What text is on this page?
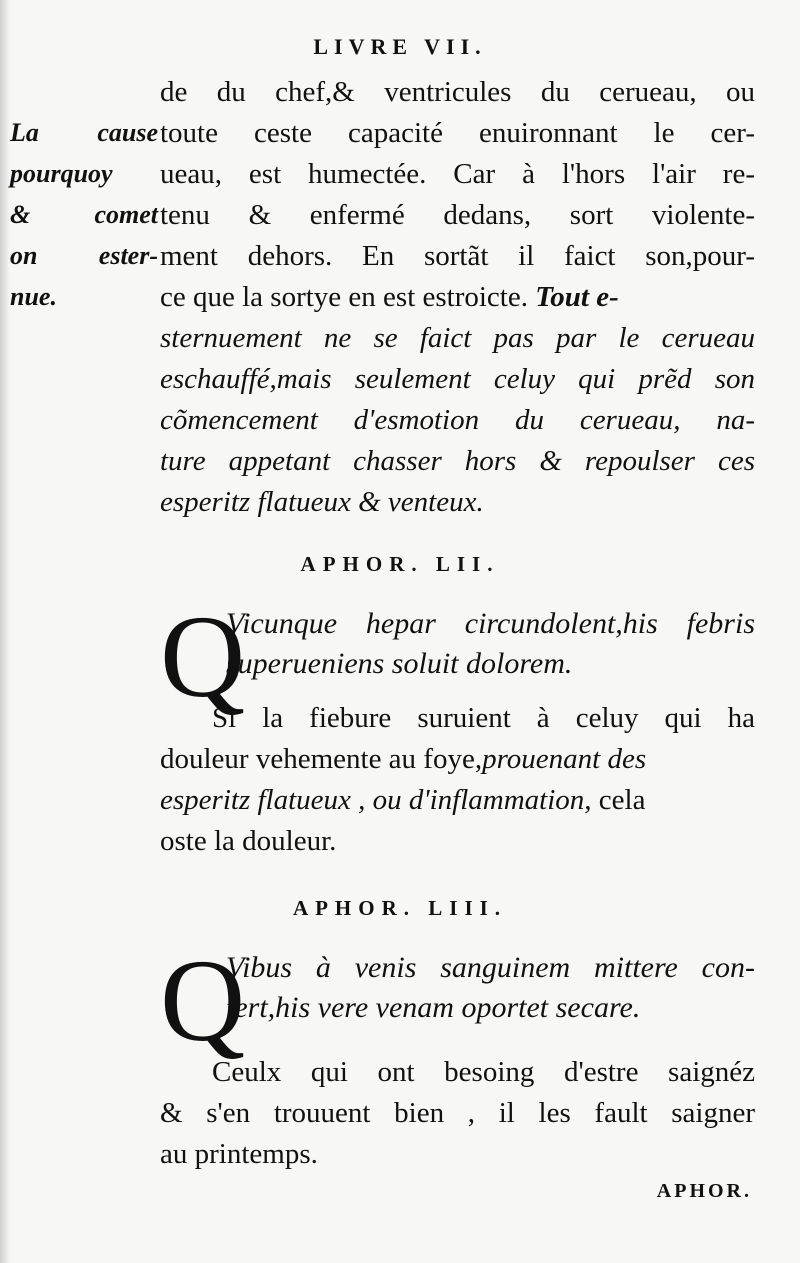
LIVRE VII.
La cause
pourquoy
& comet
on ester-
nue.
de du chef,& ventricules du cerueau, ou
toute ceste capacité enuironnant le cer-
ueau, est humectée. Car à l'hors l'air re-
tenu & enfermé dedans, sort violente-
ment dehors. En sortãt il faict son,pour-
ce que la sortye en est estroicte. Tout e-
sternuement ne se faict pas par le cerueau
eschauffé,mais seulement celuy qui prẽd son
cõmencement d'esmotion du cerueau, na-
ture appetant chasser hors & repoulser ces
esperitz flatueux & venteux.
APHOR. LII.
Q
Vicunque hepar circundolent,his febris
superueniens soluit dolorem.
Si la fiebure suruient à celuy qui ha
douleur vehemente au foye,prouenant des
esperitz flatueux , ou d'inflammation, cela
oste la douleur.
APHOR. LIII.
Q
Vibus à venis sanguinem mittere con-
fert,his vere venam oportet secare.
Ceulx qui ont besoing d'estre saignéz
& s'en trouuent bien , il les fault saigner
au printemps.
APHOR.
